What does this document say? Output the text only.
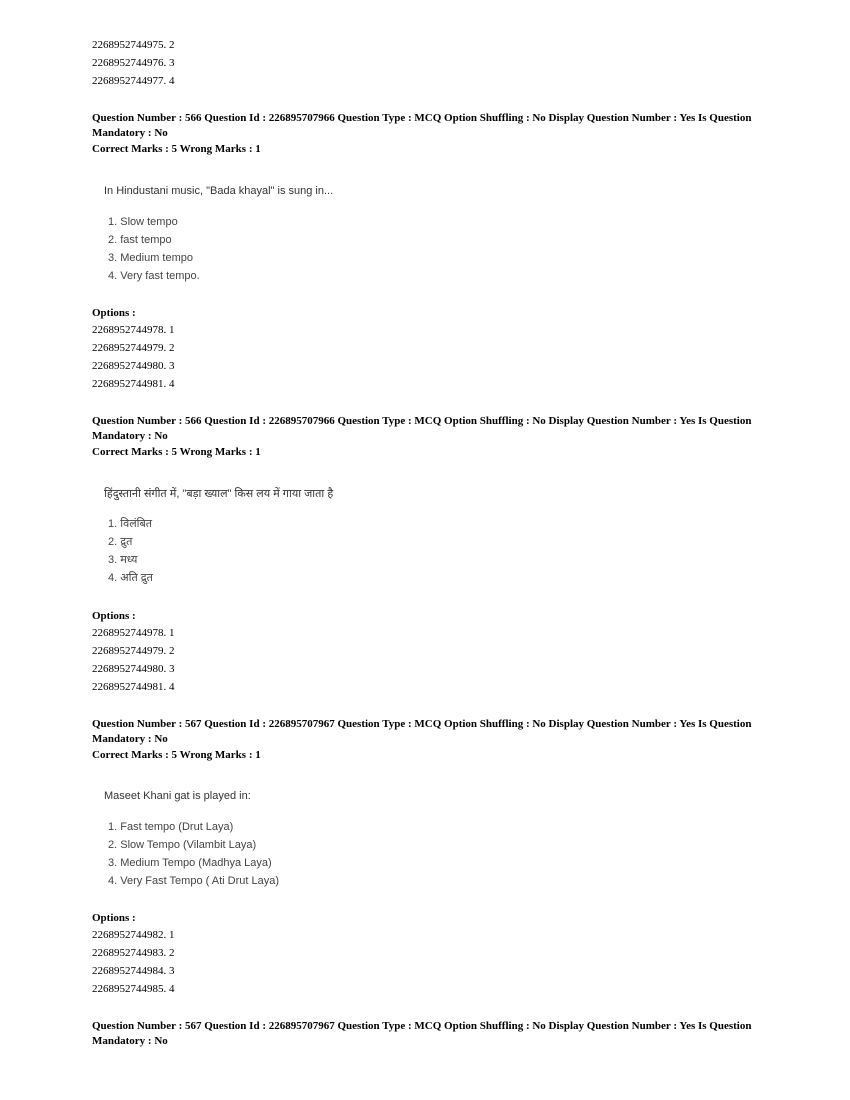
2268952744975. 2
2268952744976. 3
2268952744977. 4
Question Number : 566 Question Id : 226895707966 Question Type : MCQ Option Shuffling : No Display Question Number : Yes Is Question Mandatory : No
Correct Marks : 5 Wrong Marks : 1
In Hindustani music, "Bada khayal" is sung in...
1. Slow tempo
2. fast tempo
3. Medium tempo
4. Very fast tempo.
Options :
2268952744978. 1
2268952744979. 2
2268952744980. 3
2268952744981. 4
Question Number : 566 Question Id : 226895707966 Question Type : MCQ Option Shuffling : No Display Question Number : Yes Is Question Mandatory : No
Correct Marks : 5 Wrong Marks : 1
हिंदुस्तानी संगीत में, "बड़ा ख्याल" किस लय में गाया जाता है
1. विलंबित
2. द्रुत
3. मध्य
4. अति द्रुत
Options :
2268952744978. 1
2268952744979. 2
2268952744980. 3
2268952744981. 4
Question Number : 567 Question Id : 226895707967 Question Type : MCQ Option Shuffling : No Display Question Number : Yes Is Question Mandatory : No
Correct Marks : 5 Wrong Marks : 1
Maseet Khani gat is played in:
1. Fast tempo (Drut Laya)
2. Slow Tempo (Vilambit Laya)
3. Medium Tempo (Madhya Laya)
4. Very Fast Tempo ( Ati Drut Laya)
Options :
2268952744982. 1
2268952744983. 2
2268952744984. 3
2268952744985. 4
Question Number : 567 Question Id : 226895707967 Question Type : MCQ Option Shuffling : No Display Question Number : Yes Is Question Mandatory : No
